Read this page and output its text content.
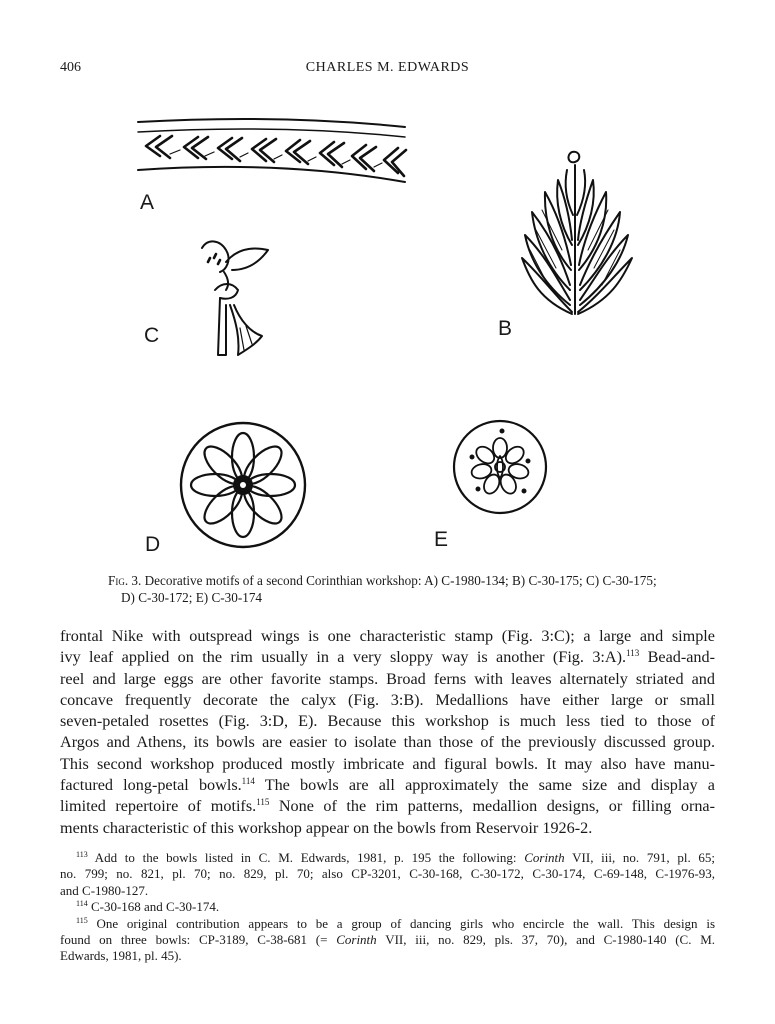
406	CHARLES M. EDWARDS
A
B
C
D	E
Fig. 3. Decorative motifs of a second Corinthian workshop: A) C-1980-134; B) C-30-175; C) C-30-175;
D) C-30-172; E) C-30-174
frontal Nike with outspread wings is one characteristic stamp (Fig. 3:C); a large and simple
ivy leaf applied on the rim usually in a very sloppy way is another (Fig. 3:A).$^{113}$ Bead-and-
reel and large eggs are other favorite stamps. Broad ferns with leaves alternately striated and
concave frequently decorate the calyx (Fig. 3:B). Medallions have either large or small
seven-petaled rosettes (Fig. 3:D, E). Because this workshop is much less tied to those of
Argos and Athens, its bowls are easier to isolate than those of the previously discussed group.
This second workshop produced mostly imbricate and figural bowls. It may also have manu-
factured long-petal bowls.$^{114}$ The bowls are all approximately the same size and display a
limited repertoire of motifs.$^{115}$ None of the rim patterns, medallion designs, or filling orna-
ments characteristic of this workshop appear on the bowls from Reservoir 1926-2.
$^{113}$ Add to the bowls listed in C. M. Edwards, 1981, p. 195 the following: Corinth VII, iii, no. 791, pl. 65;
no. 799; no. 821, pl. 70; no. 829, pl. 70; also CP-3201, C-30-168, C-30-172, C-30-174, C-69-148, C-1976-93,
and C-1980-127.
$^{114}$ C-30-168 and C-30-174.
$^{115}$ One original contribution appears to be a group of dancing girls who encircle the wall. This design is
found on three bowls: CP-3189, C-38-681 (= Corinth VII, iii, no. 829, pls. 37, 70), and C-1980-140 (C. M.
Edwards, 1981, pl. 45).
